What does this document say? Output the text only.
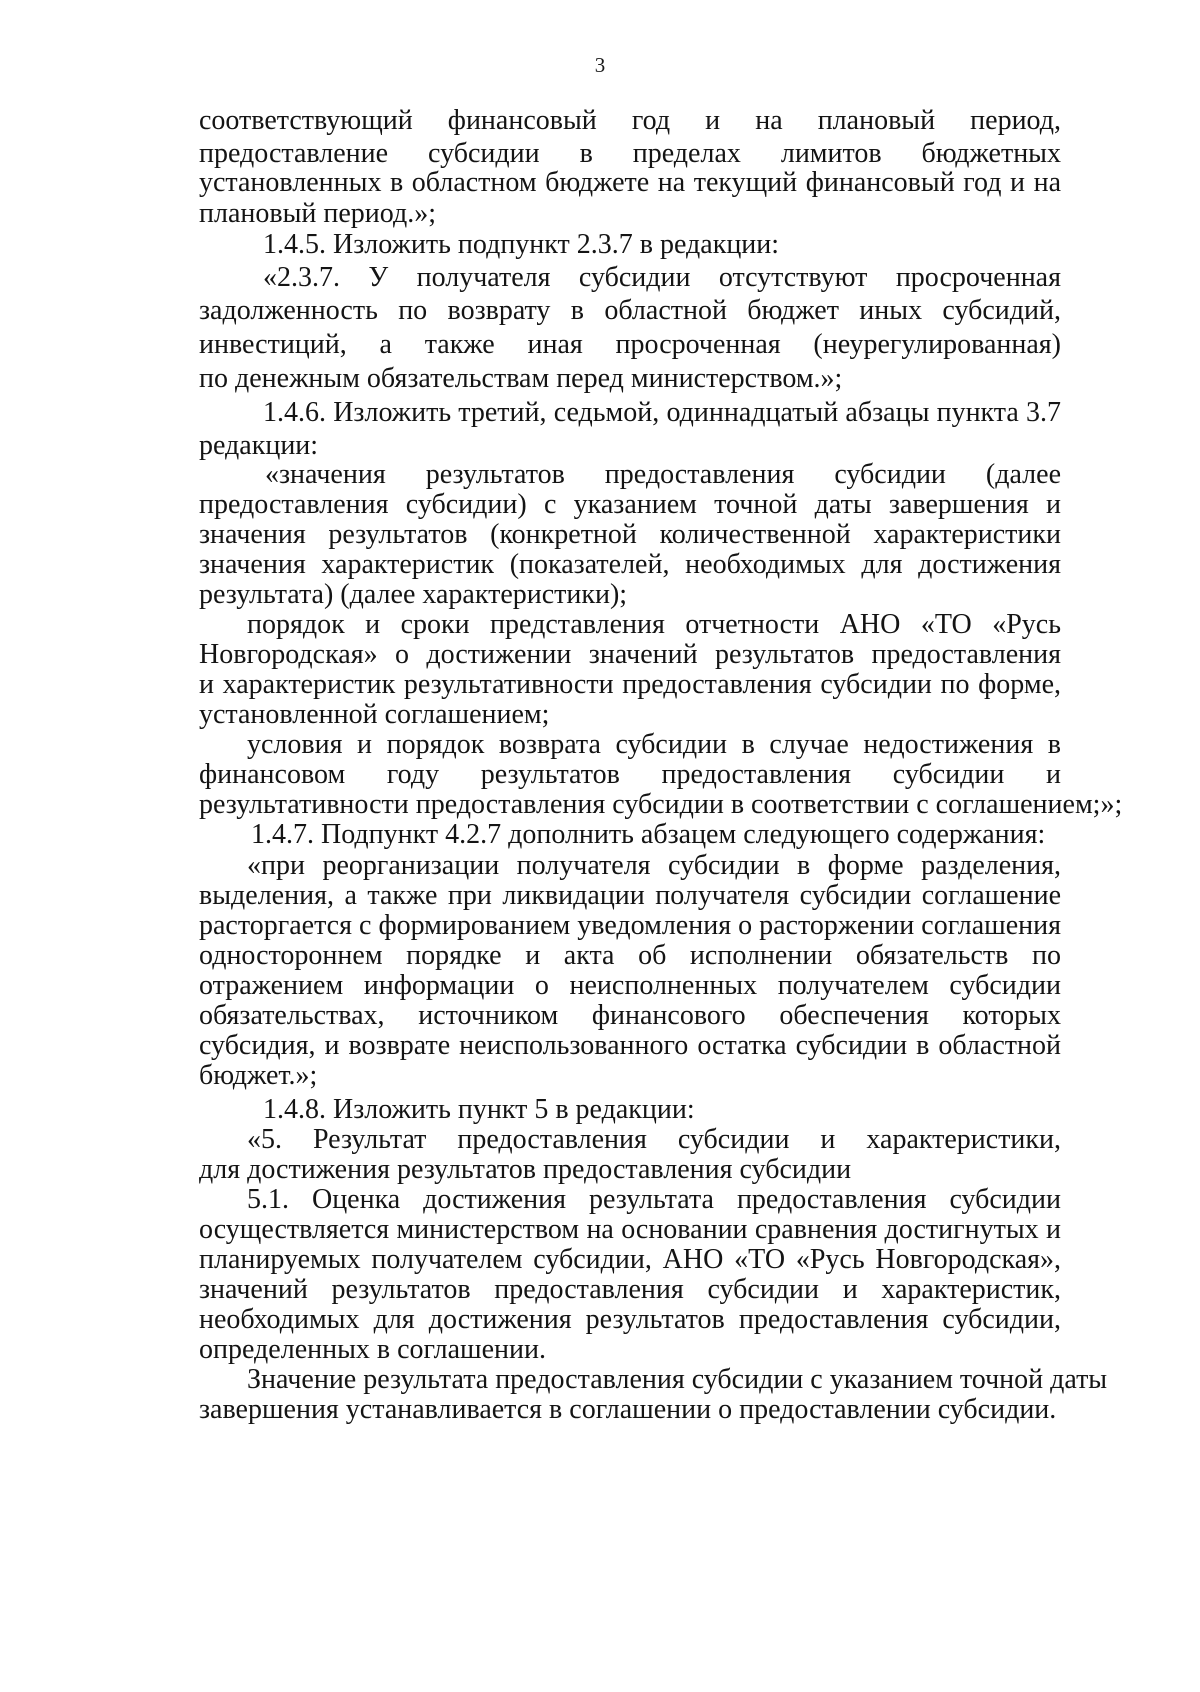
3
соответствующий финансовый год и на плановый период,
предоставление субсидии в пределах лимитов бюджетных
установленных в областном бюджете на текущий финансовый год и на
плановый период.»;
1.4.5. Изложить подпункт 2.3.7 в редакции:
«2.3.7. У получателя субсидии отсутствуют просроченная
задолженность по возврату в областной бюджет иных субсидий,
инвестиций, а также иная просроченная (неурегулированная)
по денежным обязательствам перед министерством.»;
1.4.6. Изложить третий, седьмой, одиннадцатый абзацы пункта 3.7
редакции:
«значения результатов предоставления субсидии (далее
предоставления субсидии) с указанием точной даты завершения и
значения результатов (конкретной количественной характеристики
значения характеристик (показателей, необходимых для достижения
результата) (далее характеристики);
порядок и сроки представления отчетности АНО «ТО «Русь
Новгородская» о достижении значений результатов предоставления
и характеристик результативности предоставления субсидии по форме,
установленной соглашением;
условия и порядок возврата субсидии в случае недостижения в
финансовом году результатов предоставления субсидии и
результативности предоставления субсидии в соответствии с соглашением;»;
1.4.7. Подпункт 4.2.7 дополнить абзацем следующего содержания:
«при реорганизации получателя субсидии в форме разделения,
выделения, а также при ликвидации получателя субсидии соглашение
расторгается с формированием уведомления о расторжении соглашения
одностороннем порядке и акта об исполнении обязательств по
отражением информации о неисполненных получателем субсидии
обязательствах, источником финансового обеспечения которых
субсидия, и возврате неиспользованного остатка субсидии в областной
бюджет.»;
1.4.8. Изложить пункт 5 в редакции:
«5. Результат предоставления субсидии и характеристики,
для достижения результатов предоставления субсидии
5.1. Оценка достижения результата предоставления субсидии
осуществляется министерством на основании сравнения достигнутых и
планируемых получателем субсидии, АНО «ТО «Русь Новгородская»,
значений результатов предоставления субсидии и характеристик,
необходимых для достижения результатов предоставления субсидии,
определенных в соглашении.
Значение результата предоставления субсидии с указанием точной даты
завершения устанавливается в соглашении о предоставлении субсидии.
